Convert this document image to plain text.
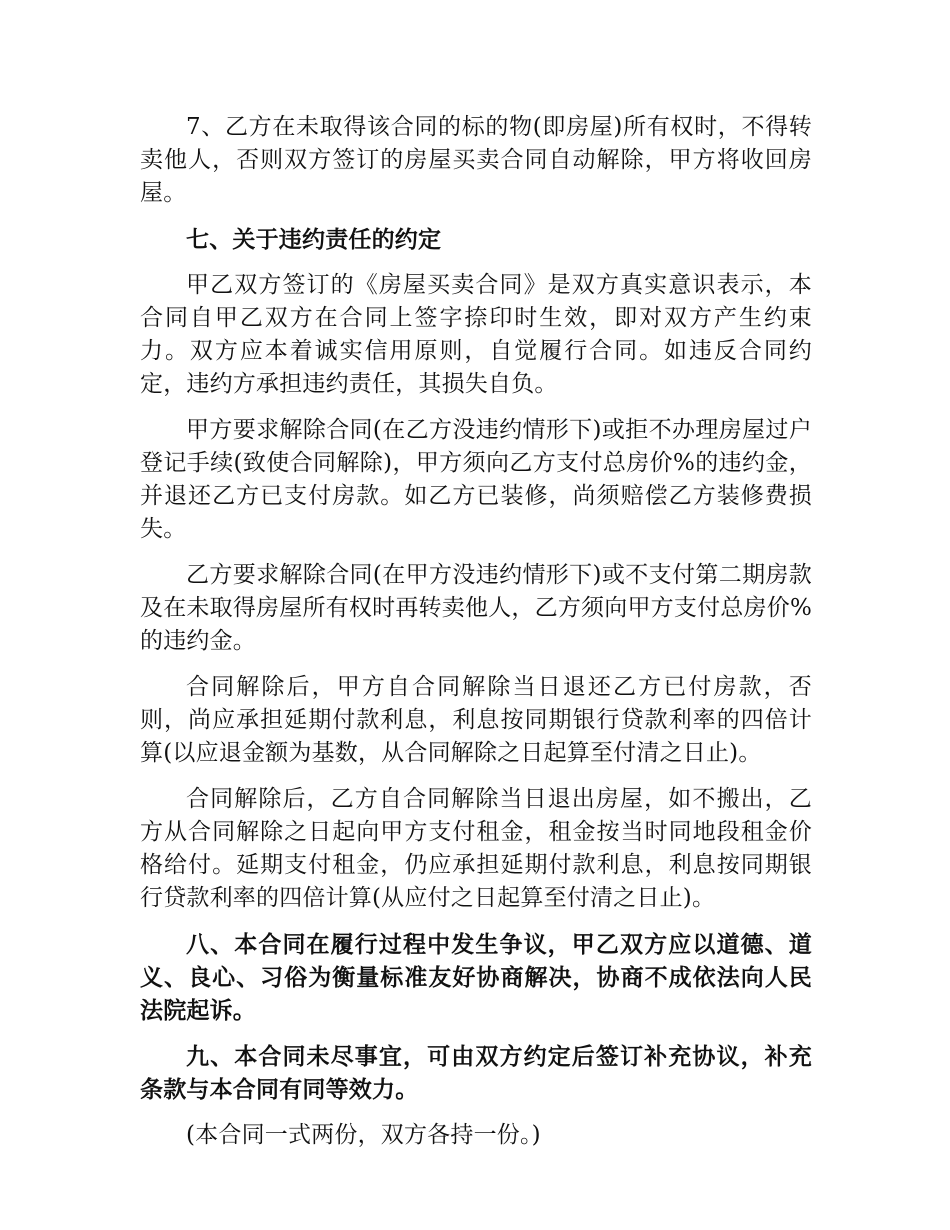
7、乙方在未取得该合同的标的物(即房屋)所有权时，不得转卖他人，否则双方签订的房屋买卖合同自动解除，甲方将收回房屋。

七、关于违约责任的约定

甲乙双方签订的《房屋买卖合同》是双方真实意识表示，本合同自甲乙双方在合同上签字捺印时生效，即对双方产生约束力。双方应本着诚实信用原则，自觉履行合同。如违反合同约定，违约方承担违约责任，其损失自负。

甲方要求解除合同(在乙方没违约情形下)或拒不办理房屋过户登记手续(致使合同解除)，甲方须向乙方支付总房价%的违约金，并退还乙方已支付房款。如乙方已装修，尚须赔偿乙方装修费损失。

乙方要求解除合同(在甲方没违约情形下)或不支付第二期房款及在未取得房屋所有权时再转卖他人，乙方须向甲方支付总房价%的违约金。

合同解除后，甲方自合同解除当日退还乙方已付房款，否则，尚应承担延期付款利息，利息按同期银行贷款利率的四倍计算(以应退金额为基数，从合同解除之日起算至付清之日止)。

合同解除后，乙方自合同解除当日退出房屋，如不搬出，乙方从合同解除之日起向甲方支付租金，租金按当时同地段租金价格给付。延期支付租金，仍应承担延期付款利息，利息按同期银行贷款利率的四倍计算(从应付之日起算至付清之日止)。

八、本合同在履行过程中发生争议，甲乙双方应以道德、道义、良心、习俗为衡量标准友好协商解决，协商不成依法向人民法院起诉。

九、本合同未尽事宜，可由双方约定后签订补充协议，补充条款与本合同有同等效力。

(本合同一式两份，双方各持一份。)
